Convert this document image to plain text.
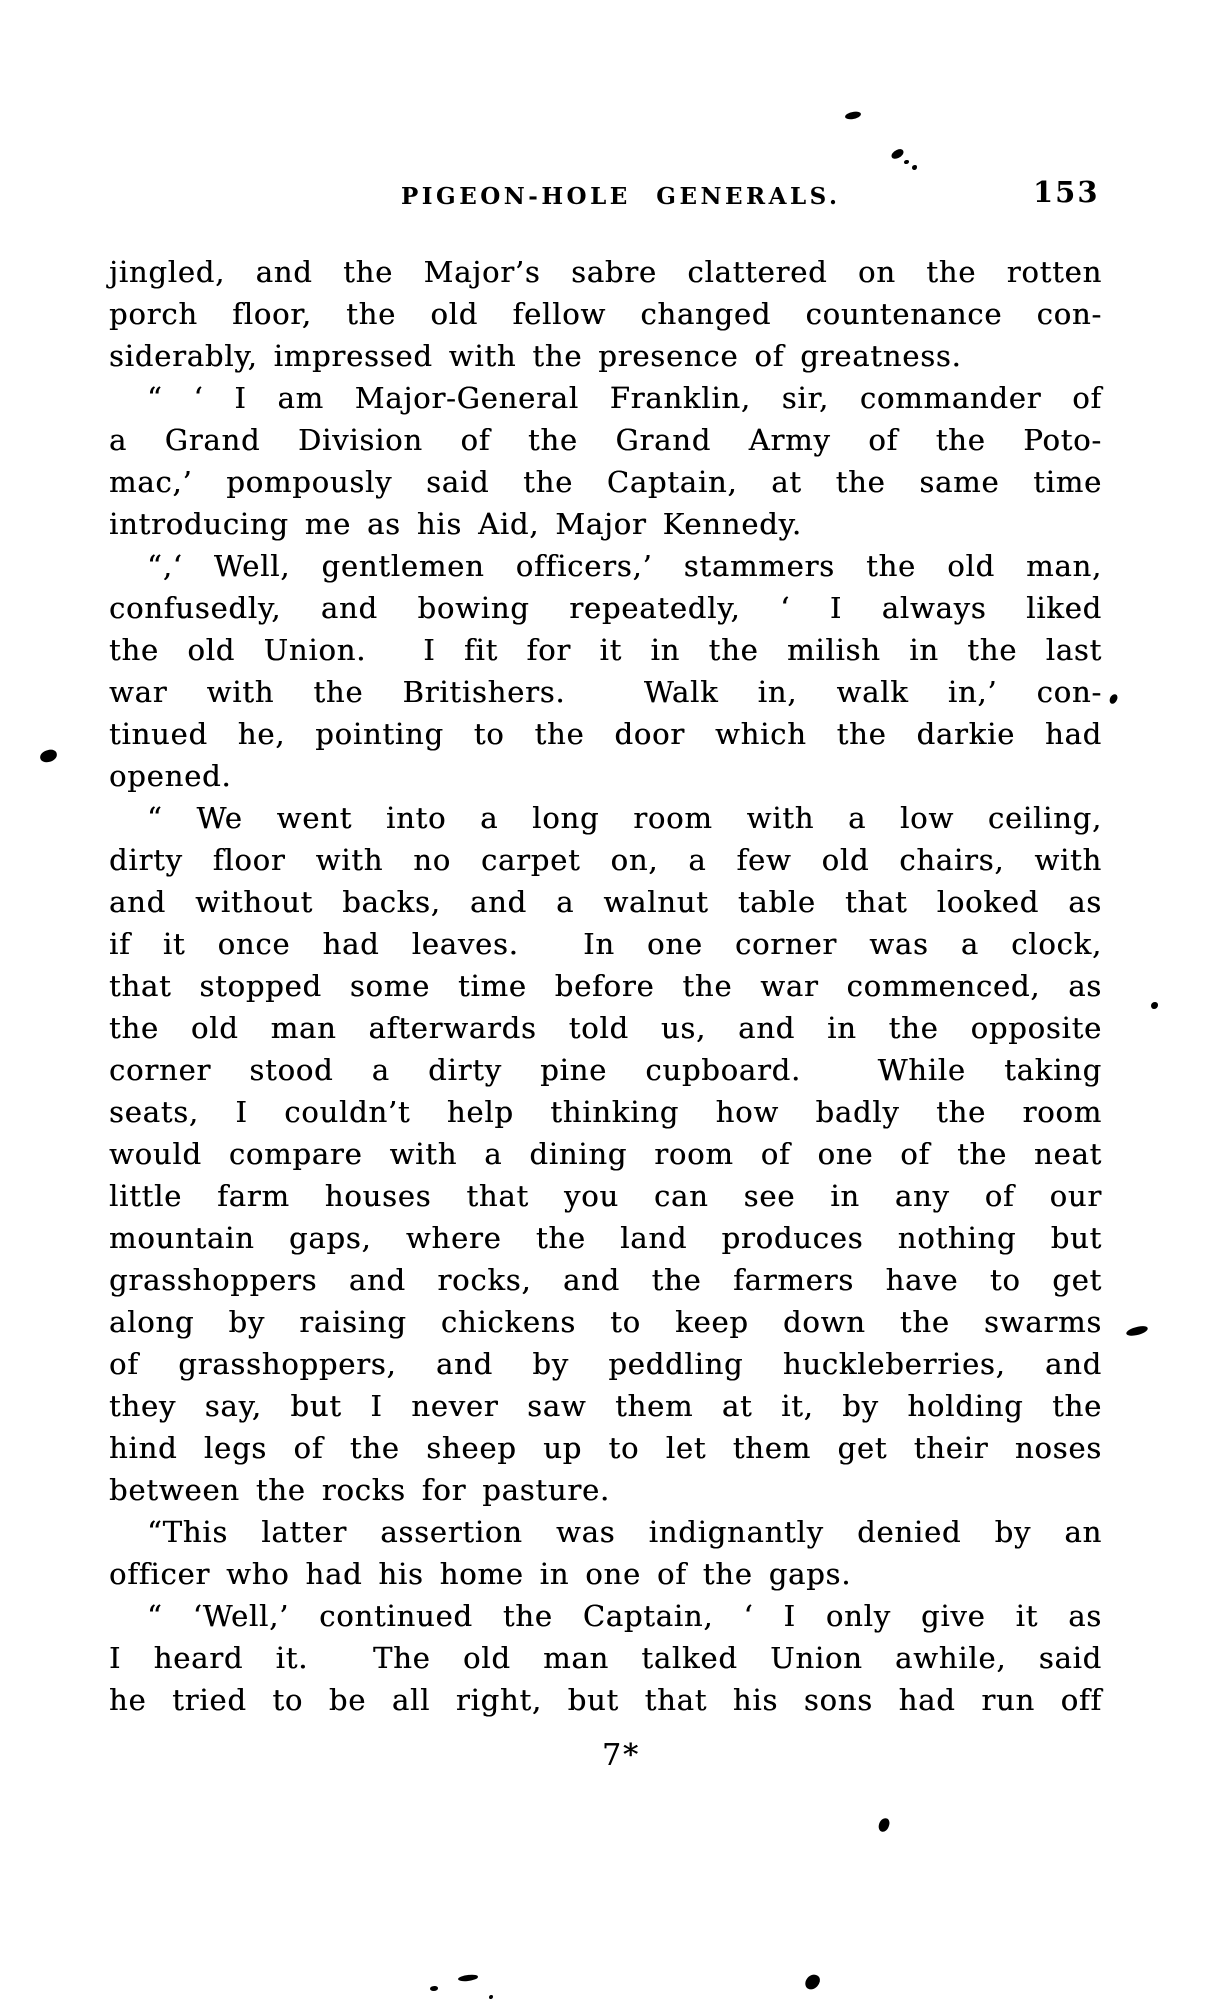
PIGEON-HOLE GENERALS.	153
jingled, and the Major’s sabre clattered on the rotten
porch floor, the old fellow changed countenance con-
siderably, impressed with the presence of greatness.
“ ‘ I am Major-General Franklin, sir, commander of
a Grand Division of the Grand Army of the Poto-
mac,’ pompously said the Captain, at the same time
introducing me as his Aid, Major Kennedy.
“‚‘ Well, gentlemen officers,’ stammers the old man,
confusedly, and bowing repeatedly, ‘ I always liked
the old Union.  I fit for it in the milish in the last
war with the Britishers.  Walk in, walk in,’ con-
tinued he, pointing to the door which the darkie had
opened.
“ We went into a long room with a low ceiling,
dirty floor with no carpet on, a few old chairs, with
and without backs, and a walnut table that looked as
if it once had leaves.  In one corner was a clock,
that stopped some time before the war commenced, as
the old man afterwards told us, and in the opposite
corner stood a dirty pine cupboard.  While taking
seats, I couldn’t help thinking how badly the room
would compare with a dining room of one of the neat
little farm houses that you can see in any of our
mountain gaps, where the land produces nothing but
grasshoppers and rocks, and the farmers have to get
along by raising chickens to keep down the swarms
of grasshoppers, and by peddling huckleberries, and
they say, but I never saw them at it, by holding the
hind legs of the sheep up to let them get their noses
between the rocks for pasture.
“This latter assertion was indignantly denied by an
officer who had his home in one of the gaps.
“ ‘Well,’ continued the Captain, ‘ I only give it as
I heard it.  The old man talked Union awhile, said
he tried to be all right, but that his sons had run off
7*
